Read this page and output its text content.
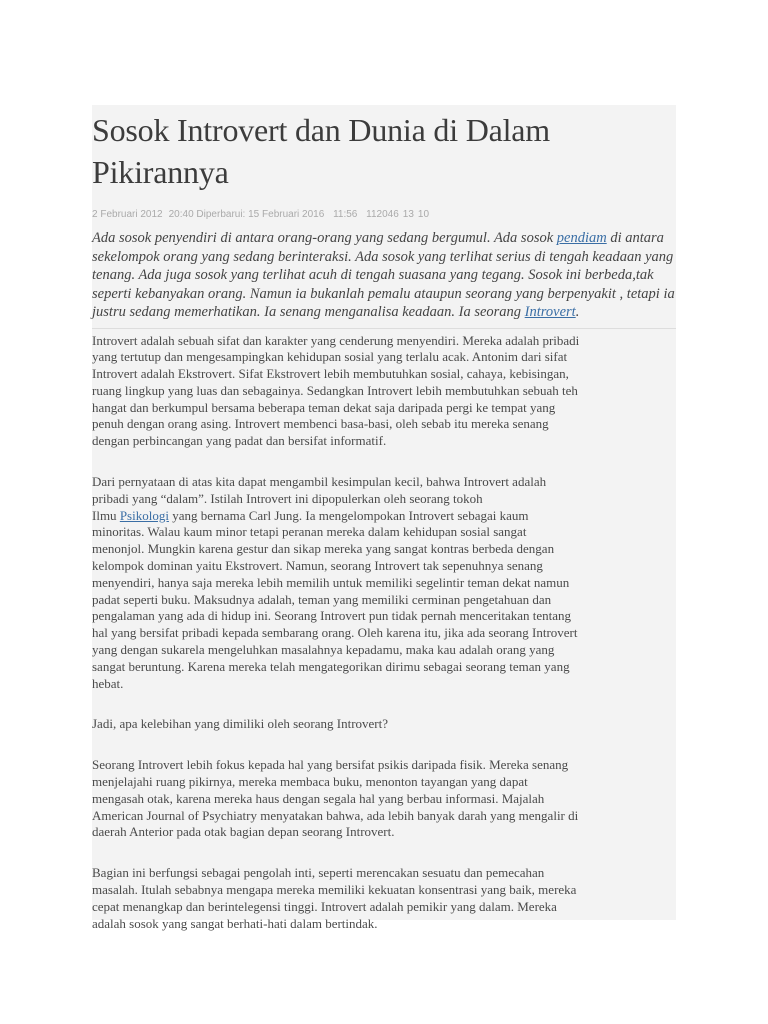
Sosok Introvert dan Dunia di Dalam
Pikirannya
2 Februari 2012 20:40 Diperbarui: 15 Februari 2016 11:56 112046 13 10
Ada sosok penyendiri di antara orang-orang yang sedang bergumul. Ada sosok pendiam di antara sekelompok orang yang sedang berinteraksi. Ada sosok yang terlihat serius di tengah keadaan yang tenang. Ada juga sosok yang terlihat acuh di tengah suasana yang tegang. Sosok ini berbeda,tak seperti kebanyakan orang. Namun ia bukanlah pemalu ataupun seorang yang berpenyakit , tetapi ia justru sedang memerhatikan. Ia senang menganalisa keadaan. Ia seorang Introvert.

Introvert adalah sebuah sifat dan karakter yang cenderung menyendiri. Mereka adalah pribadi
yang tertutup dan mengesampingkan kehidupan sosial yang terlalu acak. Antonim dari sifat
Introvert adalah Ekstrovert. Sifat Ekstrovert lebih membutuhkan sosial, cahaya, kebisingan,
ruang lingkup yang luas dan sebagainya. Sedangkan Introvert lebih membutuhkan sebuah teh
hangat dan berkumpul bersama beberapa teman dekat saja daripada pergi ke tempat yang
penuh dengan orang asing. Introvert membenci basa-basi, oleh sebab itu mereka senang
dengan perbincangan yang padat dan bersifat informatif.

Dari pernyataan di atas kita dapat mengambil kesimpulan kecil, bahwa Introvert adalah
pribadi yang “dalam”. Istilah Introvert ini dipopulerkan oleh seorang tokoh
Ilmu Psikologi yang bernama Carl Jung. Ia mengelompokan Introvert sebagai kaum
minoritas. Walau kaum minor tetapi peranan mereka dalam kehidupan sosial sangat
menonjol. Mungkin karena gestur dan sikap mereka yang sangat kontras berbeda dengan
kelompok dominan yaitu Ekstrovert. Namun, seorang Introvert tak sepenuhnya senang
menyendiri, hanya saja mereka lebih memilih untuk memiliki segelintir teman dekat namun
padat seperti buku. Maksudnya adalah, teman yang memiliki cerminan pengetahuan dan
pengalaman yang ada di hidup ini. Seorang Introvert pun tidak pernah menceritakan tentang
hal yang bersifat pribadi kepada sembarang orang. Oleh karena itu, jika ada seorang Introvert
yang dengan sukarela mengeluhkan masalahnya kepadamu, maka kau adalah orang yang
sangat beruntung. Karena mereka telah mengategorikan dirimu sebagai seorang teman yang
hebat.

Jadi, apa kelebihan yang dimiliki oleh seorang Introvert?

Seorang Introvert lebih fokus kepada hal yang bersifat psikis daripada fisik. Mereka senang
menjelajahi ruang pikirnya, mereka membaca buku, menonton tayangan yang dapat
mengasah otak, karena mereka haus dengan segala hal yang berbau informasi. Majalah
American Journal of Psychiatry menyatakan bahwa, ada lebih banyak darah yang mengalir di
daerah Anterior pada otak bagian depan seorang Introvert.

Bagian ini berfungsi sebagai pengolah inti, seperti merencakan sesuatu dan pemecahan
masalah. Itulah sebabnya mengapa mereka memiliki kekuatan konsentrasi yang baik, mereka
cepat menangkap dan berintelegensi tinggi. Introvert adalah pemikir yang dalam. Mereka
adalah sosok yang sangat berhati-hati dalam bertindak.
